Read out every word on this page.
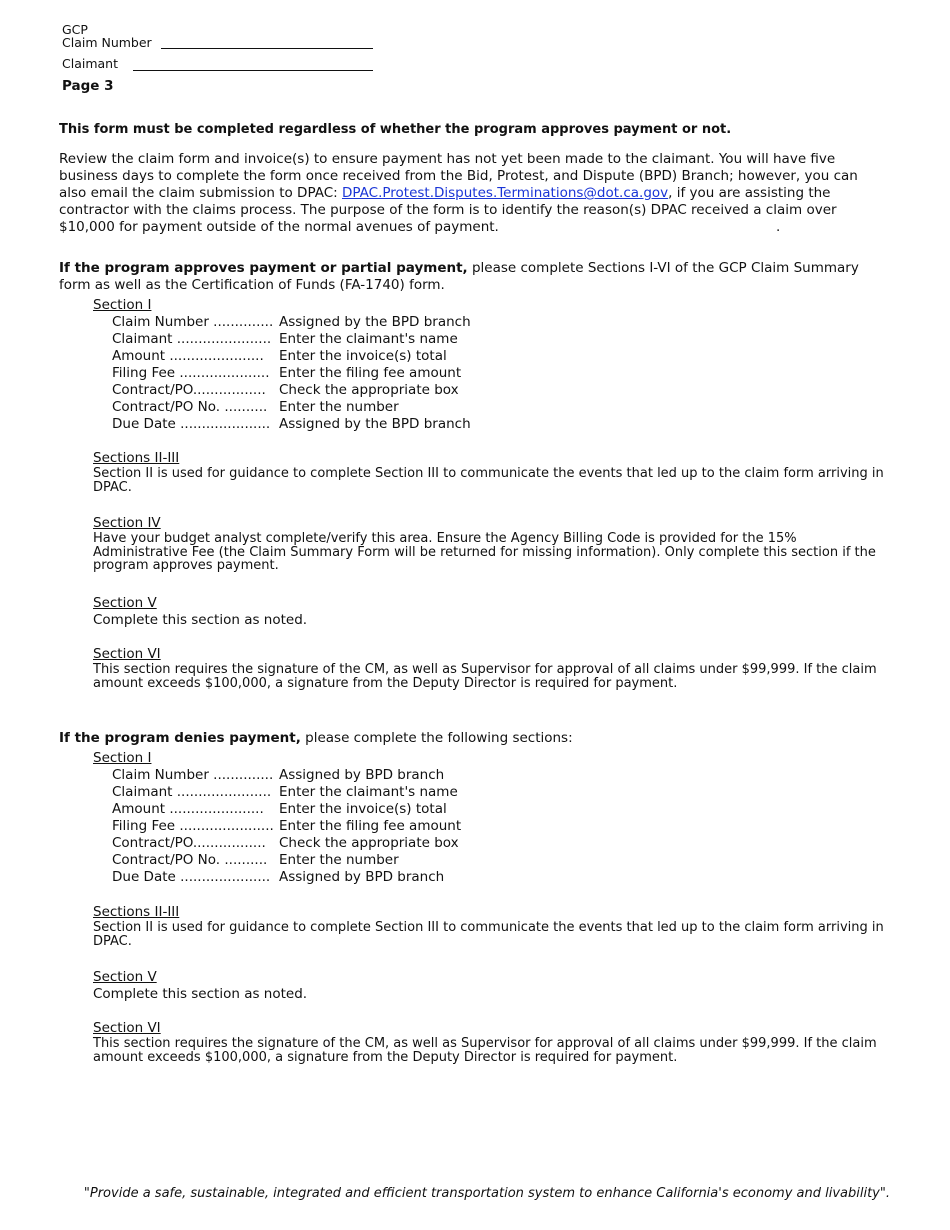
GCP
Claim Number
Claimant
Page 3
This form must be completed regardless of whether the program approves payment or not.
Review the claim form and invoice(s) to ensure payment has not yet been made to the claimant. You will have five business days to complete the form once received from the Bid, Protest, and Dispute (BPD) Branch; however, you can also email the claim submission to DPAC: DPAC.Protest.Disputes.Terminations@dot.ca.gov, if you are assisting the contractor with the claims process. The purpose of the form is to identify the reason(s) DPAC received a claim over $10,000 for payment outside of the normal avenues of payment.	.
If the program approves payment or partial payment, please complete Sections I-VI of the GCP Claim Summary form as well as the Certification of Funds (FA-1740) form.
Section I
Claim Number .............. Assigned by the BPD branch
Claimant ...................... Enter the claimant's name
Amount ...................... Enter the invoice(s) total
Filing Fee ..................... Enter the filing fee amount
Contract/PO................. Check the appropriate box
Contract/PO No. .......... Enter the number
Due Date ..................... Assigned by the BPD branch
Sections II-III
Section II is used for guidance to complete Section III to communicate the events that led up to the claim form arriving in DPAC.
Section IV
Have your budget analyst complete/verify this area. Ensure the Agency Billing Code is provided for the 15% Administrative Fee (the Claim Summary Form will be returned for missing information). Only complete this section if the program approves payment.
Section V
Complete this section as noted.
Section VI
This section requires the signature of the CM, as well as Supervisor for approval of all claims under $99,999. If the claim amount exceeds $100,000, a signature from the Deputy Director is required for payment.
If the program denies payment, please complete the following sections:
Section I
Claim Number .............. Assigned by BPD branch
Claimant ...................... Enter the claimant's name
Amount ...................... Enter the invoice(s) total
Filing Fee ...................... Enter the filing fee amount
Contract/PO................. Check the appropriate box
Contract/PO No. .......... Enter the number
Due Date ..................... Assigned by BPD branch
Sections II-III
Section II is used for guidance to complete Section III to communicate the events that led up to the claim form arriving in DPAC.
Section V
Complete this section as noted.
Section VI
This section requires the signature of the CM, as well as Supervisor for approval of all claims under $99,999. If the claim amount exceeds $100,000, a signature from the Deputy Director is required for payment.
"Provide a safe, sustainable, integrated and efficient transportation system to enhance California's economy and livability".
